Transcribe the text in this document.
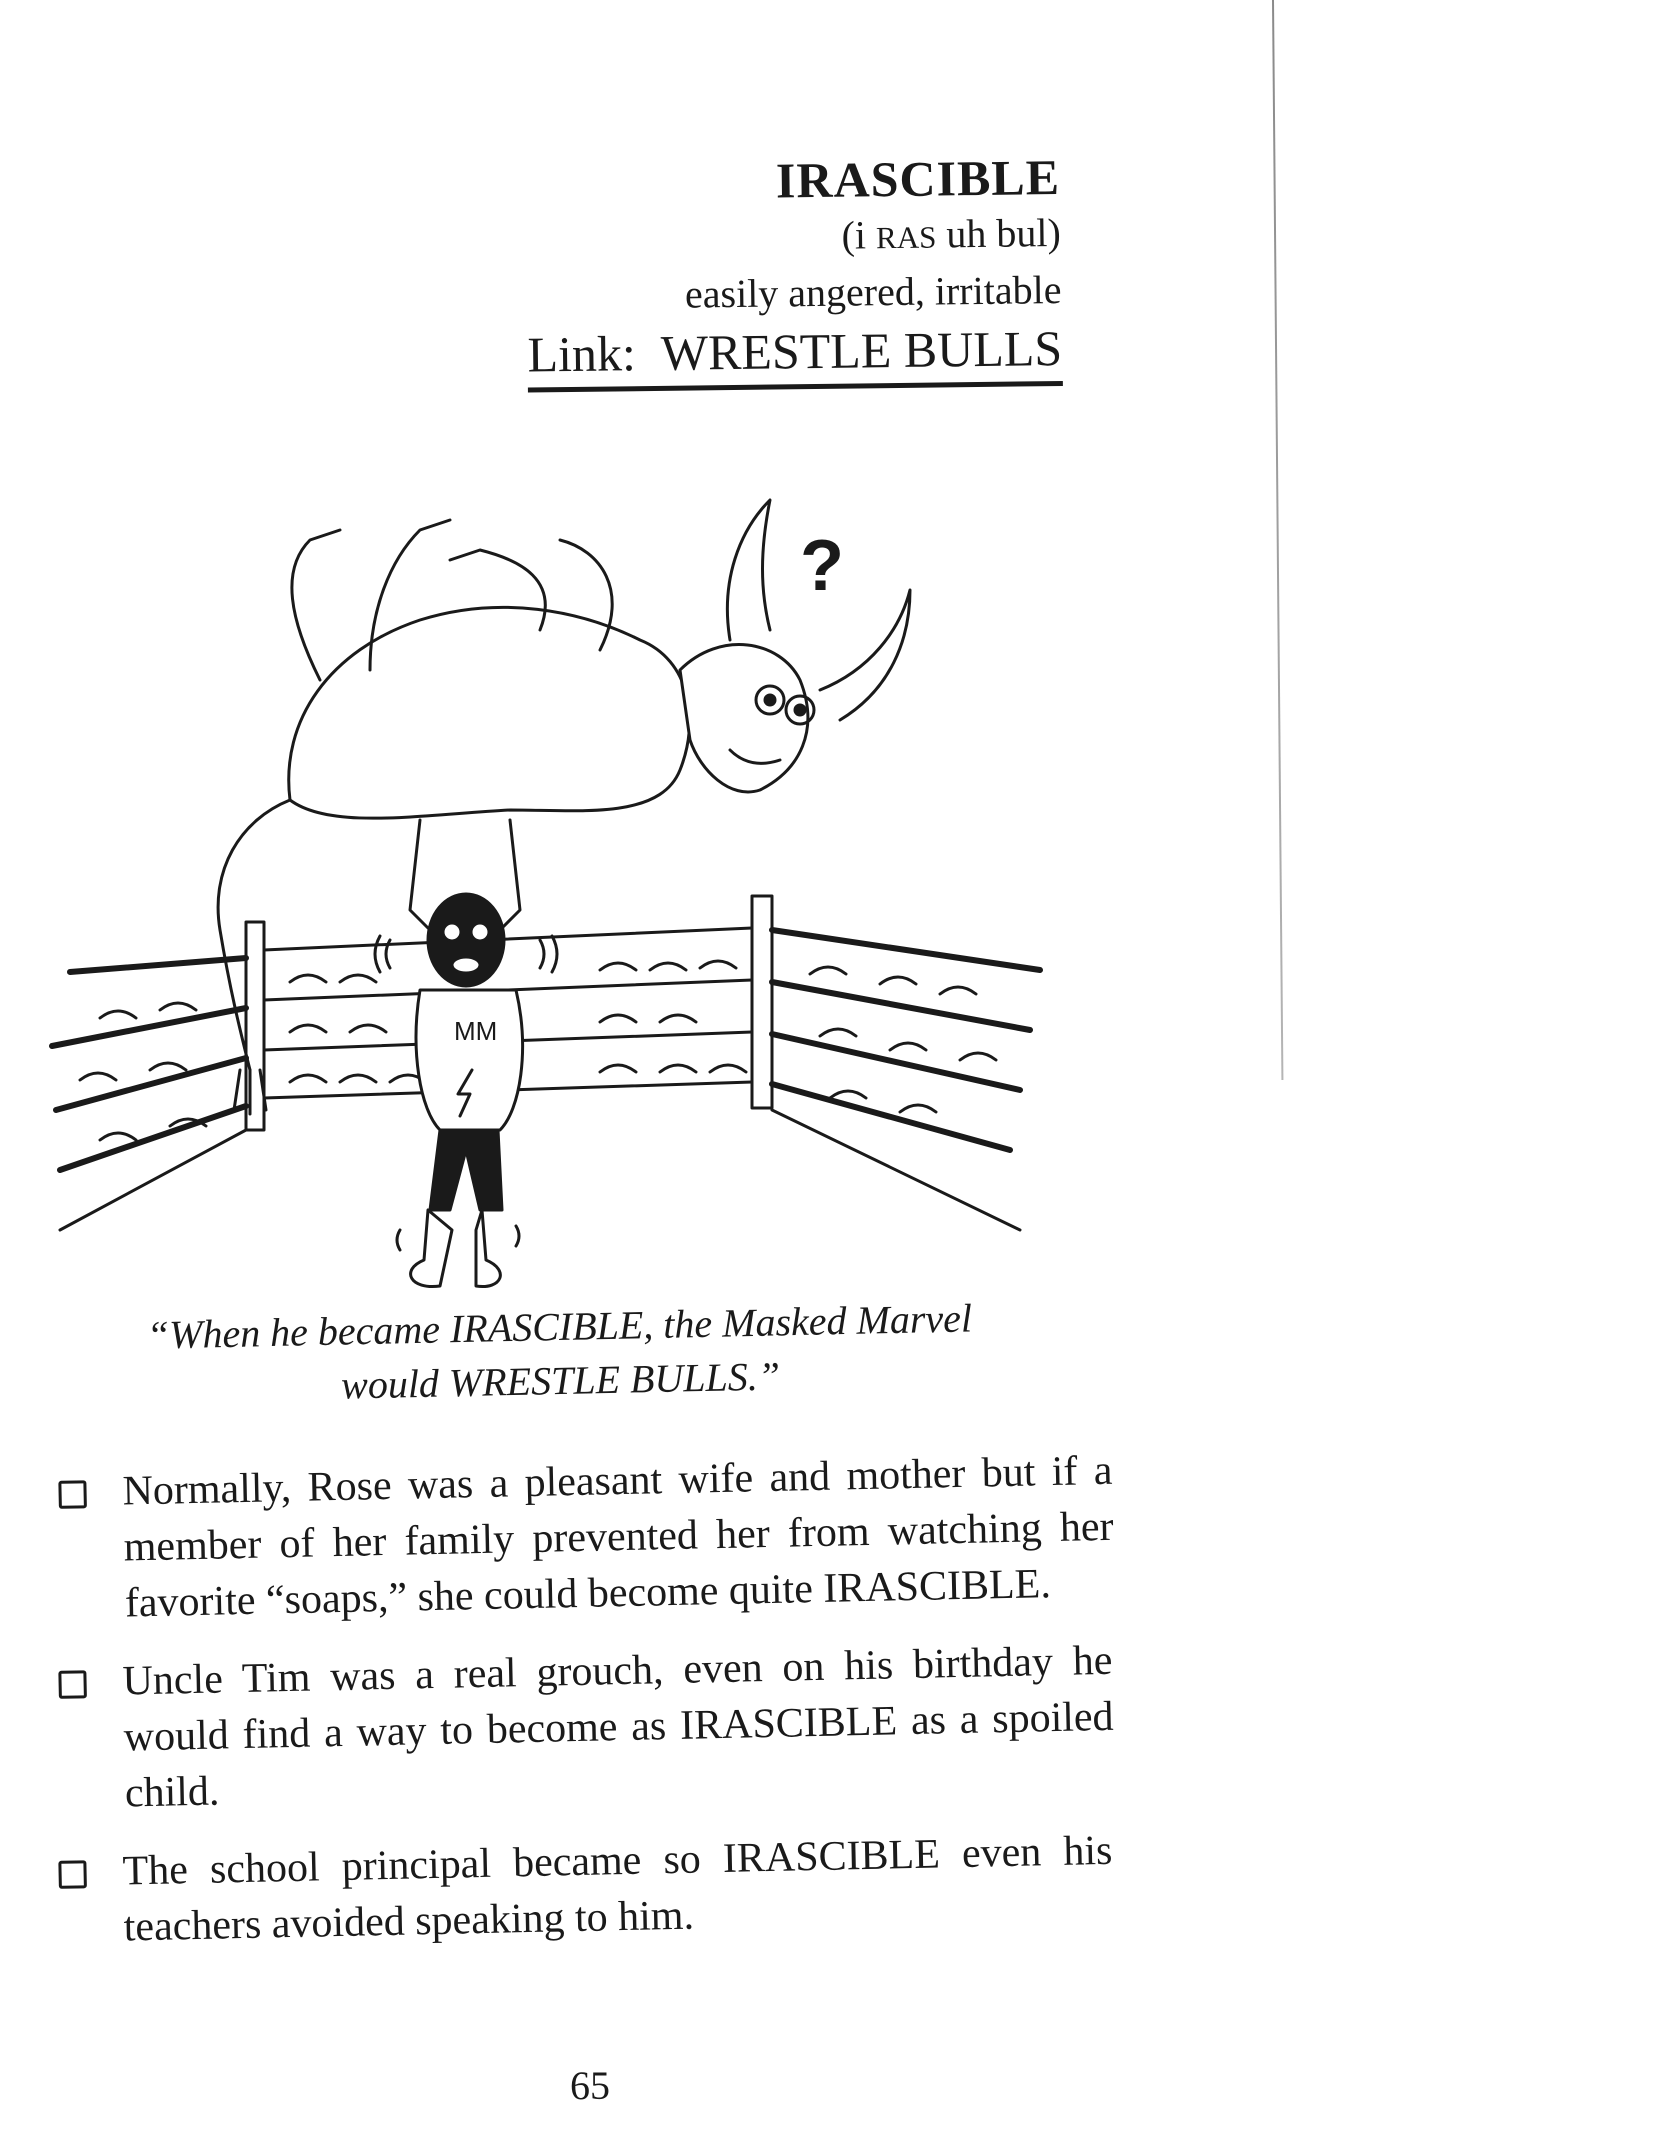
IRASCIBLE
(i RAS uh bul)
easily angered, irritable
Link: WRESTLE BULLS
?
MM
“When he became IRASCIBLE, the Masked Marvel
would WRESTLE BULLS.”
Normally, Rose was a pleasant wife and mother but if a member of her family prevented her from watching her favorite “soaps,” she could become quite IRASCIBLE.
Uncle Tim was a real grouch, even on his birthday he would find a way to become as IRASCIBLE as a spoiled child.
The school principal became so IRASCIBLE even his teachers avoided speaking to him.
65
